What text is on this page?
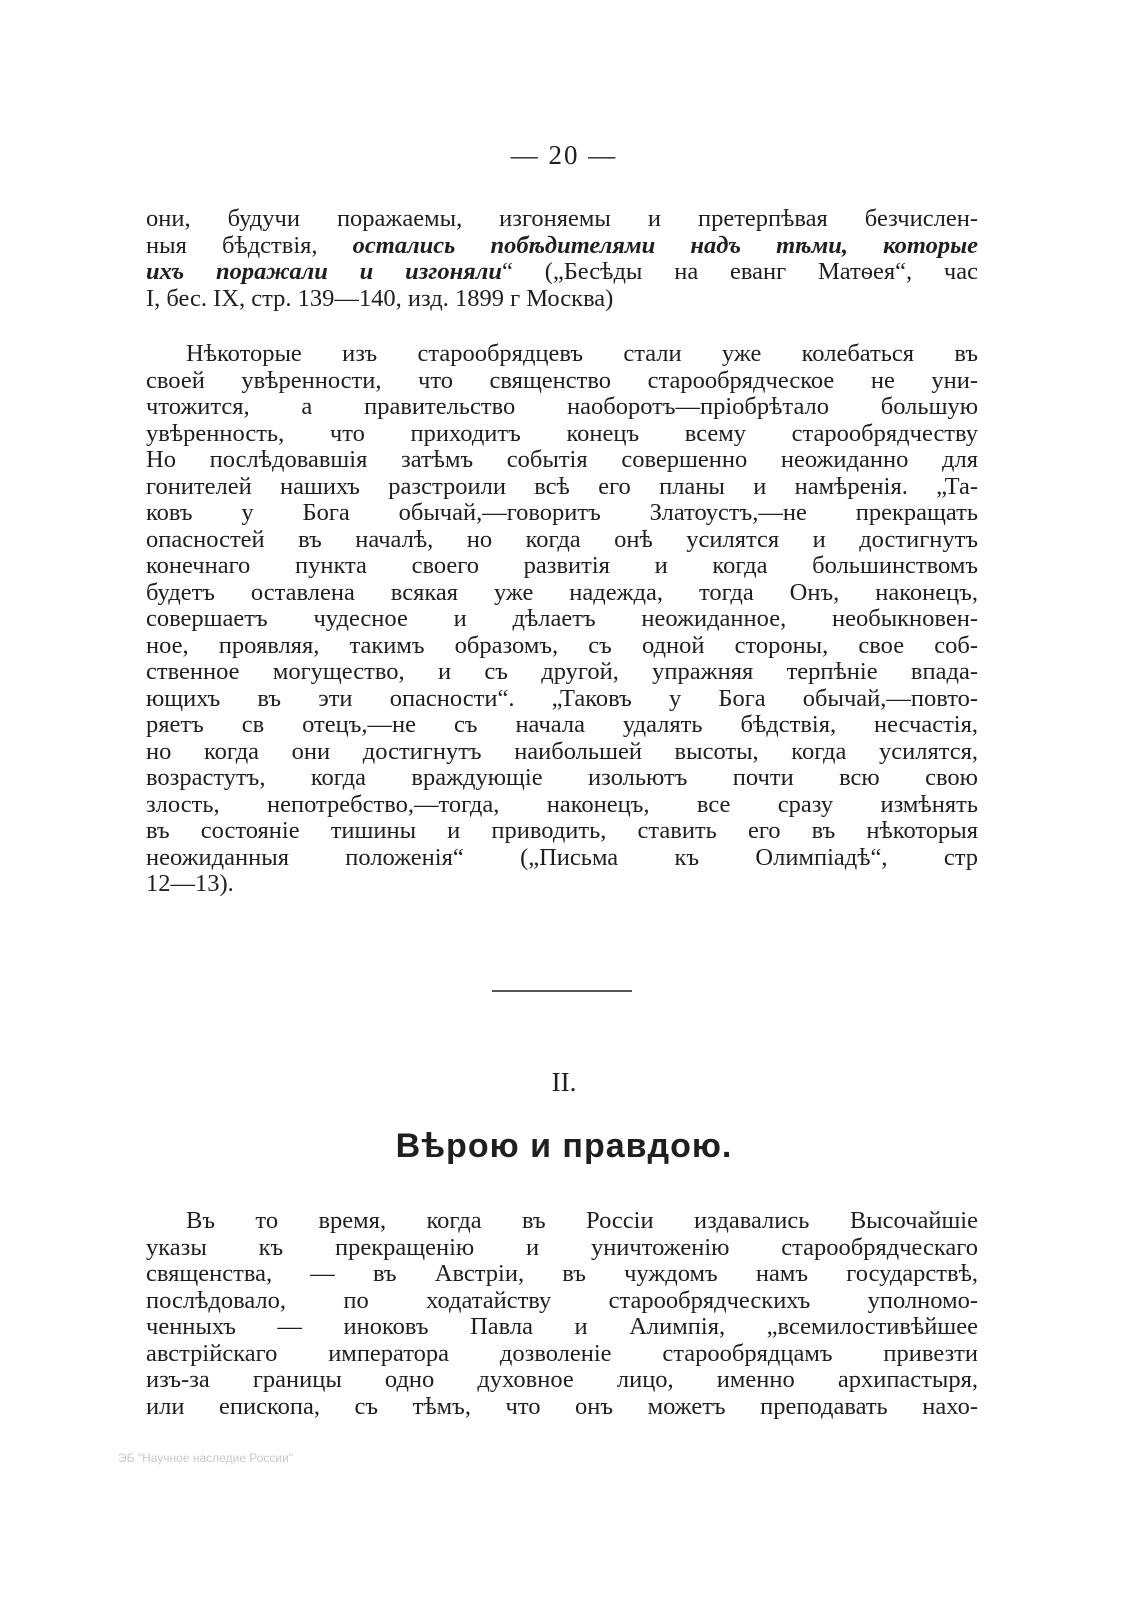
— 20 —
они, будучи поражаемы, изгоняемы и претерпѣвая безчислен-
ныя бѣдствія, остались побѣдителями надъ тѣми, которые
ихъ поражали и изгоняли“ („Бесѣды на еванг Матѳея“, час
I, бес. IX, стр. 139—140, изд. 1899 г Москва)
Нѣкоторые изъ старообрядцевъ стали уже колебаться въ
своей увѣренности, что священство старообрядческое не уни-
чтожится, а правительство наоборотъ—пріобрѣтало большую
увѣренность, что приходитъ конецъ всему старообрядчеству
Но послѣдовавшія затѣмъ событія совершенно неожиданно для
гонителей нашихъ разстроили всѣ его планы и намѣренія. „Та-
ковъ у Бога обычай,—говоритъ Златоустъ,—не прекращать
опасностей въ началѣ, но когда онѣ усилятся и достигнутъ
конечнаго пункта своего развитія и когда большинствомъ
будетъ оставлена всякая уже надежда, тогда Онъ, наконецъ,
совершаетъ чудесное и дѣлаетъ неожиданное, необыкновен-
ное, проявляя, такимъ образомъ, съ одной стороны, свое соб-
ственное могущество, и съ другой, упражняя терпѣніе впада-
ющихъ въ эти опасности“. „Таковъ у Бога обычай,—повто-
ряетъ св отецъ,—не съ начала удалять бѣдствія, несчастія,
но когда они достигнутъ наибольшей высоты, когда усилятся,
возрастутъ, когда враждующіе изольютъ почти всю свою
злость, непотребство,—тогда, наконецъ, все сразу измѣнять
въ состояніе тишины и приводить, ставить его въ нѣкоторыя
неожиданныя положенія“ („Письма къ Олимпіадѣ“, стр
12—13).
II.
Вѣрою и правдою.
Въ то время, когда въ Россіи издавались Высочайшіе
указы къ прекращенію и уничтоженію старообрядческаго
священства, — въ Австріи, въ чуждомъ намъ государствѣ,
послѣдовало, по ходатайству старообрядческихъ уполномо-
ченныхъ — иноковъ Павла и Алимпія, „всемилостивѣйшее
австрійскаго императора дозволеніе старообрядцамъ привезти
изъ-за границы одно духовное лицо, именно архипастыря,
или епископа, съ тѣмъ, что онъ можетъ преподавать нахо-
ЭБ "Научное наследие России"
